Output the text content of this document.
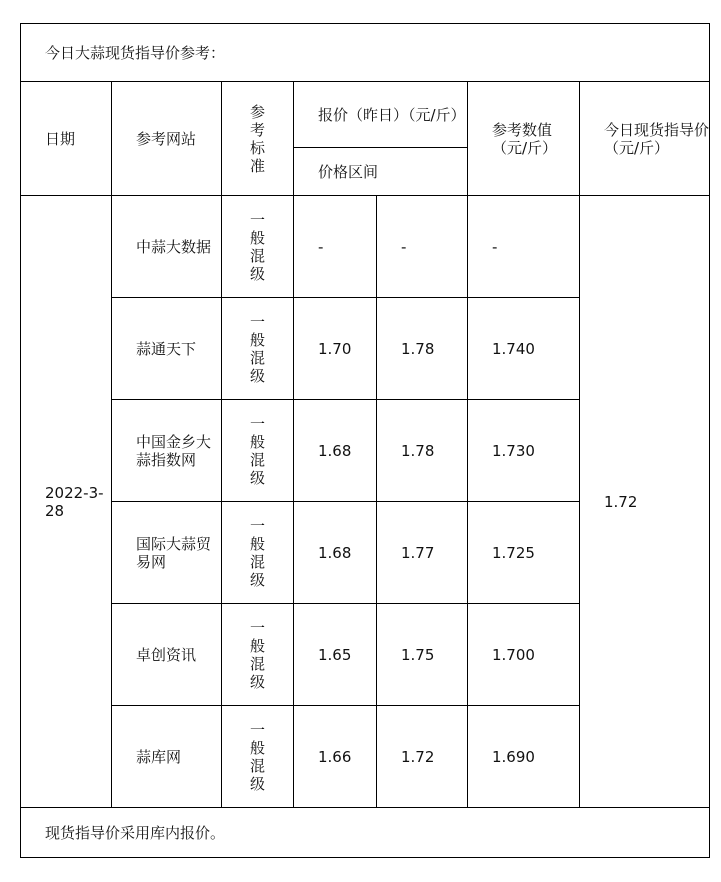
今日大蒜现货指导价参考：						
日期	参考网站	参考标准	报价（昨日）（元/斤）		参考数值（元/斤）	今日现货指导价（元/斤）
			价格区间			
2022-3-28	中蒜大数据	一般混级	-	-	-	1.72
	蒜通天下	一般混级	1.70	1.78	1.740	
	中国金乡大蒜指数网	一般混级	1.68	1.78	1.730	
	国际大蒜贸易网	一般混级	1.68	1.77	1.725	
	卓创资讯	一般混级	1.65	1.75	1.700	
	蒜库网	一般混级	1.66	1.72	1.690	
现货指导价采用库内报价。						
